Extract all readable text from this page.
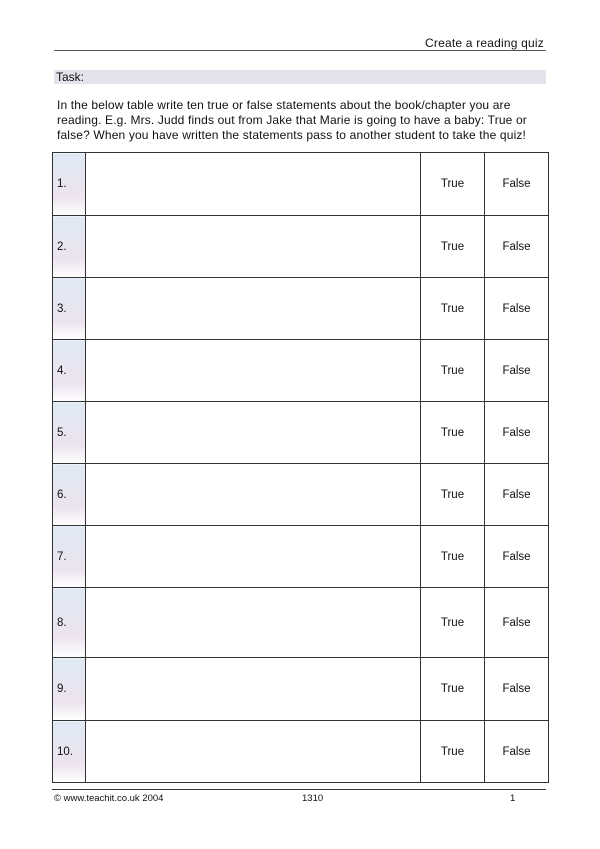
Create a reading quiz
Task:

In the below table write ten true or false statements about the book/chapter you are reading. E.g. Mrs. Judd finds out from Jake that Marie is going to have a baby: True or false? When you have written the statements pass to another student to take the quiz!

1.		True	False
2.		True	False
3.		True	False
4.		True	False
5.		True	False
6.		True	False
7.		True	False
8.		True	False
9.		True	False
10.		True	False
© www.teachit.co.uk 2004	1310	1
